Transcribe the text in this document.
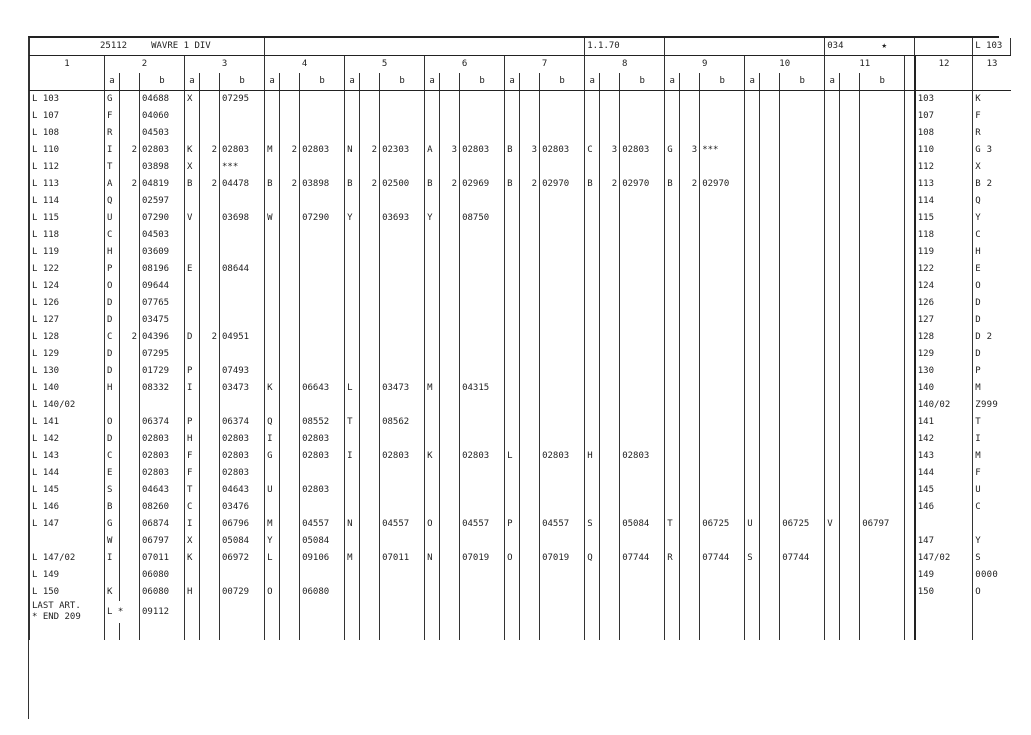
25112 WAVRE 1 DIV																			1.1.70									034 ★					L 103	
1	2			3			4			5			6			7			8			9			10			11				12	13	
	a		b	a		b	a		b	a		b	a		b	a		b	a		b	a		b	a		b	a		b				
L 103	G		04688	X		07295																										103	K	
L 107	F		04060																													107	F	
L 108	R		04503																													108	R	
L 110	I	2	02803	K	2	02803	M	2	02803	N	2	02303	A	3	02803	B	3	02803	C	3	02803	G	3	***								110	G 3	
L 112	T		03898	X		***																										112	X	
L 113	A	2	04819	B	2	04478	B	2	03898	B	2	02500	B	2	02969	B	2	02970	B	2	02970	B	2	02970								113	B 2	
L 114	Q		02597																													114	Q	
L 115	U		07290	V		03698	W		07290	Y		03693	Y		08750																	115	Y	
L 118	C		04503																													118	C	
L 119	H		03609																													119	H	
L 122	P		08196	E		08644																										122	E	
L 124	O		09644																													124	O	
L 126	D		07765																													126	D	
L 127	D		03475																													127	D	
L 128	C	2	04396	D	2	04951																										128	D 2	
L 129	D		07295																													129	D	
L 130	D		01729	P		07493																										130	P	
L 140	H		08332	I		03473	K		06643	L		03473	M		04315																	140	M	
L 140/02																																140/02	Z999	
L 141	O		06374	P		06374	Q		08552	T		08562																				141	T	
L 142	D		02803	H		02803	I		02803																							142	I	
L 143	C		02803	F		02803	G		02803	I		02803	K		02803	L		02803	H		02803											143	M	
L 144	E		02803	F		02803																										144	F	
L 145	S		04643	T		04643	U		02803																							145	U	
L 146	B		08260	C		03476																										146	C	
L 147	G		06874	I		06796	M		04557	N		04557	O		04557	P		04557	S		05084	T		06725	U		06725	V		06797				
	W		06797	X		05084	Y		05084																							147	Y	
L 147/02	I		07011	K		06972	L		09106	M		07011	N		07019	O		07019	Q		07744	R		07744	S		07744					147/02	S	
L 149			06080																													149	0000	
L 150	K		06080	H		00729	O		06080																							150	O	

LAST ART.
* END 209	L *		09112																															
